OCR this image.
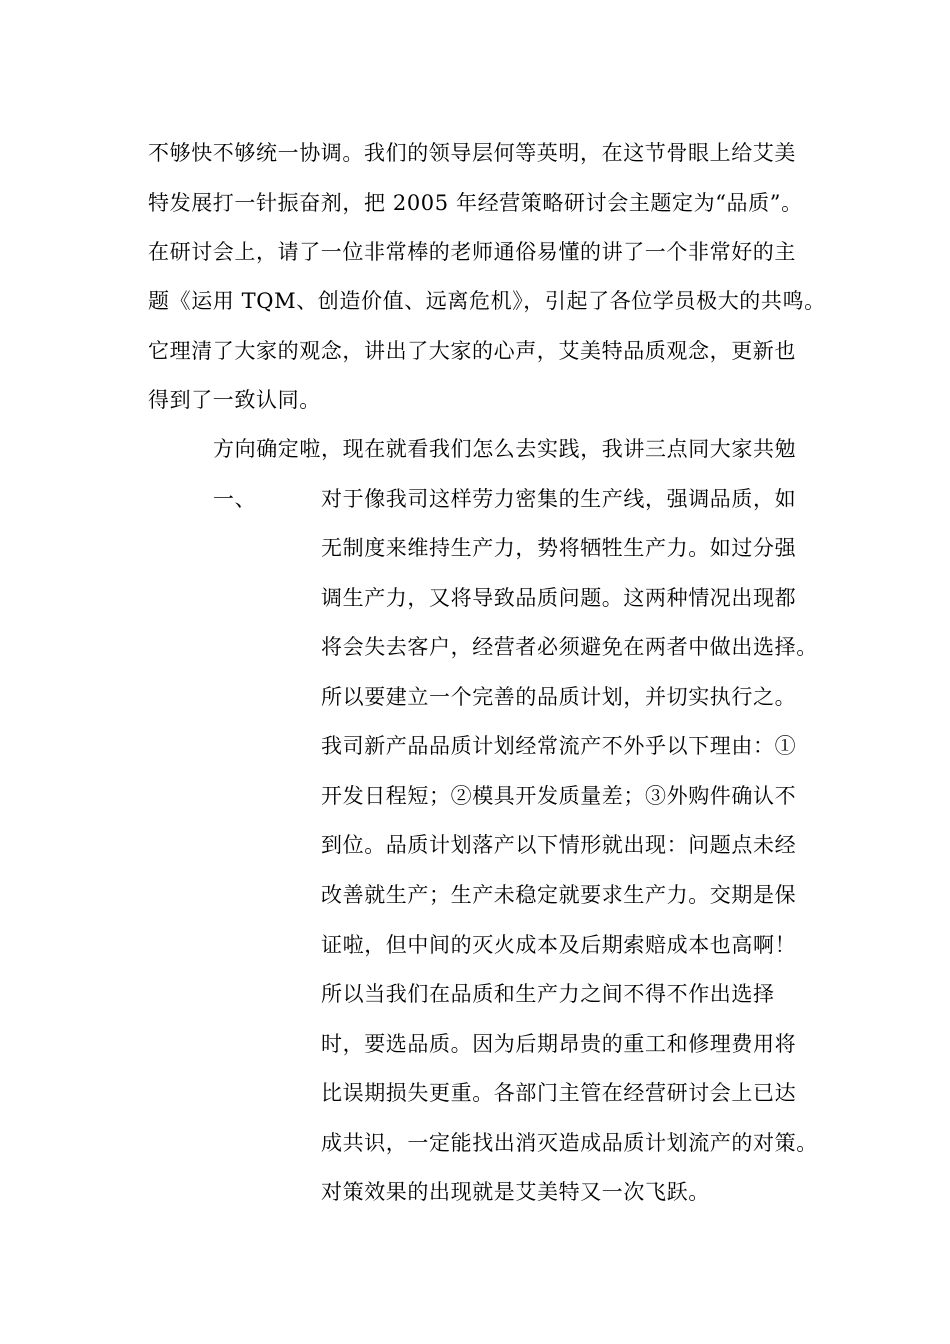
不够快不够统一协调。我们的领导层何等英明，在这节骨眼上给艾美
特发展打一针振奋剂，把 2005 年经营策略研讨会主题定为“品质”。
在研讨会上，请了一位非常棒的老师通俗易懂的讲了一个非常好的主
题《运用 TQM、创造价值、远离危机》，引起了各位学员极大的共鸣。
它理清了大家的观念，讲出了大家的心声，艾美特品质观念，更新也
得到了一致认同。
方向确定啦，现在就看我们怎么去实践，我讲三点同大家共勉
一、	对于像我司这样劳力密集的生产线，强调品质，如
无制度来维持生产力，势将牺牲生产力。如过分强
调生产力，又将导致品质问题。这两种情况出现都
将会失去客户，经营者必须避免在两者中做出选择。
所以要建立一个完善的品质计划，并切实执行之。
我司新产品品质计划经常流产不外乎以下理由：①
开发日程短；②模具开发质量差；③外购件确认不
到位。品质计划落产以下情形就出现：问题点未经
改善就生产；生产未稳定就要求生产力。交期是保
证啦，但中间的灭火成本及后期索赔成本也高啊！
所以当我们在品质和生产力之间不得不作出选择
时，要选品质。因为后期昂贵的重工和修理费用将
比误期损失更重。各部门主管在经营研讨会上已达
成共识，一定能找出消灭造成品质计划流产的对策。
对策效果的出现就是艾美特又一次飞跃。
